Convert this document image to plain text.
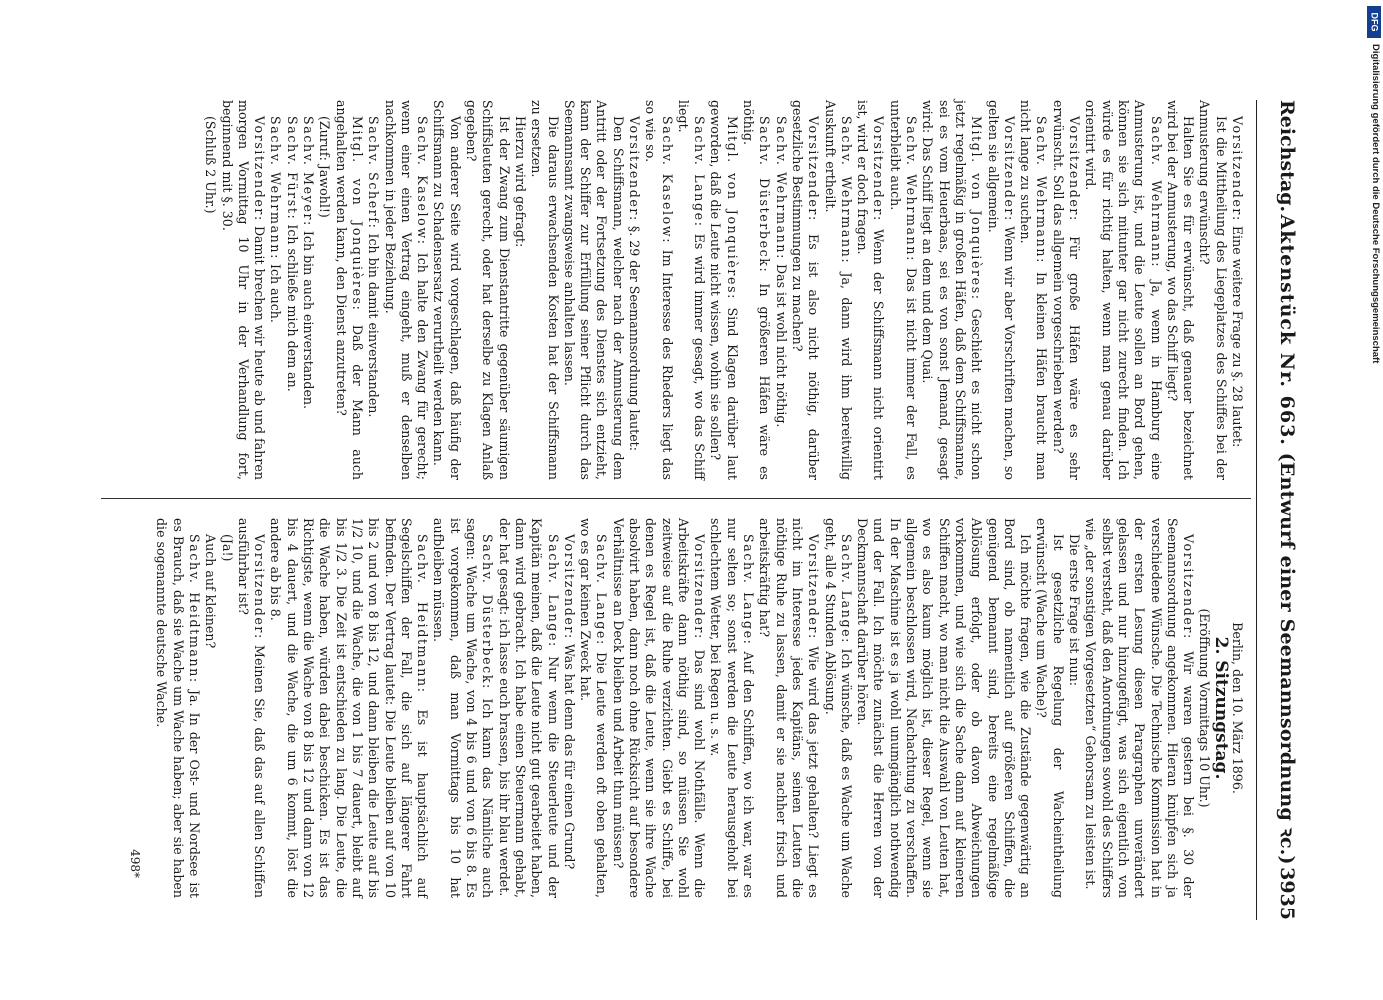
DFG
Digitalisierung gefördert durch die Deutsche Forschungsgemeinschaft
Reichstag.
Aktenstück Nr. 663. (Entwurf einer Seemannsordnung ꝛc.)
3935

Vorsitzender: Eine weitere Frage zu §. 28 lautet:

Ist die Mittheilung des Liegeplatzes des Schiffes bei der Anmusterung erwünscht?

Halten Sie es für erwünscht, daß genauer bezeichnet wird bei der Anmusterung, wo das Schiff liegt?

Sachv. Wehrmann: Ja, wenn in Hamburg eine Anmusterung ist, und die Leute sollen an Bord gehen, können sie sich mitunter gar nicht zurecht finden. Ich würde es für richtig halten, wenn man genau darüber orientirt wird.

Vorsitzender: Für große Häfen wäre es sehr erwünscht. Soll das allgemein vorgeschrieben werden?

Sachv. Wehrmann: In kleinen Häfen braucht man nicht lange zu suchen.

Vorsitzender: Wenn wir aber Vorschriften machen, so gelten sie allgemein.

Mitgl. von Jonquières: Geschieht es nicht schon jetzt regelmäßig in großen Häfen, daß dem Schiffsmanne, sei es vom Heuerbaas, sei es von sonst Jemand, gesagt wird: Das Schiff liegt an dem und dem Quai.

Sachv. Wehrmann: Das ist nicht immer der Fall, es unterbleibt auch.

Vorsitzender: Wenn der Schiffsmann nicht orientirt ist, wird er doch fragen.

Sachv. Wehrmann: Ja, dann wird ihm bereitwillig Auskunft ertheilt.

Vorsitzender: Es ist also nicht nöthig, darüber gesetzliche Bestimmungen zu machen?

Sachv. Wehrmann: Das ist wohl nicht nöthig.

Sachv. Düsterbeck: In größeren Häfen wäre es nöthig.

Mitgl. von Jonquières: Sind Klagen darüber laut geworden, daß die Leute nicht wissen, wohin sie sollen?

Sachv. Lange: Es wird immer gesagt, wo das Schiff liegt.

Sachv. Kaselow: Im Interesse des Rheders liegt das so wie so.

Vorsitzender: §. 29 der Seemannsordnung lautet:

Den Schiffsmann, welcher nach der Anmusterung dem Antritt oder der Fortsetzung des Dienstes sich entzieht, kann der Schiffer zur Erfüllung seiner Pflicht durch das Seemannsamt zwangsweise anhalten lassen.

Die daraus erwachsenden Kosten hat der Schiffsmann zu ersetzen.

Hierzu wird gefragt:

Ist der Zwang zum Dienstantritte gegenüber säumigen Schiffsleuten gerecht, oder hat derselbe zu Klagen Anlaß gegeben?

Von anderer Seite wird vorgeschlagen, daß häufig der Schiffsmann zu Schadensersatz verurtheilt werden kann.

Sachv. Kaselow: Ich halte den Zwang für gerecht; wenn einer einen Vertrag eingeht, muß er denselben nachkommen in jeder Beziehung.

Sachv. Scherf: Ich bin damit einverstanden.

Mitgl. von Jonquières: Daß der Mann auch angehalten werden kann, den Dienst anzutreten?

(Zuruf: Jawohl!)

Sachv. Meyer: Ich bin auch einverstanden.

Sachv. Fürst: Ich schließe mich dem an.

Sachv. Wehrmann: Ich auch.

Vorsitzender: Damit brechen wir heute ab und fahren morgen Vormittag 10 Uhr in der Verhandlung fort, beginnend mit §. 30.

(Schluß 2 Uhr.)

Berlin, den 10. März 1896.

2. Sitzungstag.

(Eröffnung Vormittags 10 Uhr.)

Vorsitzender: Wir waren gestern bei §. 30 der Seemannsordnung angekommen. Hieran knüpfen sich ja verschiedene Wünsche. Die Technische Kommission hat in der ersten Lesung diesen Paragraphen unverändert gelassen und nur hinzugefügt, was sich eigentlich von selbst versteht, daß den Anordnungen sowohl des Schiffers wie „der sonstigen Vorgesetzten“ Gehorsam zu leisten ist.

Die erste Frage ist nun:

Ist gesetzliche Regelung der Wacheintheilung erwünscht (Wache um Wache)?

Ich möchte fragen, wie die Zustände gegenwärtig an Bord sind, ob namentlich auf größeren Schiffen, die genügend bemannt sind, bereits eine regelmäßige Ablösung erfolgt, oder ob davon Abweichungen vorkommen, und wie sich die Sache dann auf kleineren Schiffen macht, wo man nicht die Auswahl von Leuten hat, wo es also kaum möglich ist, dieser Regel, wenn sie allgemein beschlossen wird, Nachachtung zu verschaffen. In der Maschine ist es ja wohl unumgänglich nothwendig und der Fall. Ich möchte zunächst die Herren von der Deckmannschaft darüber hören.

Sachv. Lange: Ich wünsche, daß es Wache um Wache geht, alle 4 Stunden Ablösung.

Vorsitzender: Wie wird das jetzt gehalten? Liegt es nicht im Interesse jedes Kapitäns, seinen Leuten die nöthige Ruhe zu lassen, damit er sie nachher frisch und arbeitskräftig hat?

Sachv. Lange: Auf den Schiffen, wo ich war, war es nur selten so; sonst werden die Leute herausgeholt bei schlechtem Wetter, bei Regen u. s. w.

Vorsitzender: Das sind wohl Nothfälle. Wenn die Arbeitskräfte dann nöthig sind, so müssen Sie wohl zeitweise auf die Ruhe verzichten. Giebt es Schiffe, bei denen es Regel ist, daß die Leute, wenn sie ihre Wache absolvirt haben, dann noch ohne Rücksicht auf besondere Verhältnisse an Deck bleiben und Arbeit thun müssen?

Sachv. Lange: Die Leute werden oft oben gehalten, wo es gar keinen Zweck hat.

Vorsitzender: Was hat denn das für einen Grund?

Sachv. Lange: Nur wenn die Steuerleute und der Kapitän meinen, daß die Leute nicht gut gearbeitet haben, dann wird gebracht. Ich habe einen Steuermann gehabt, der hat gesagt: ich lasse euch brassen, bis ihr blau werdet.

Sachv. Düsterbeck: Ich kann das Nämliche auch sagen: Wache um Wache, von 4 bis 6 und von 6 bis 8. Es ist vorgekommen, daß man Vormittags bis 10 hat aufbleiben müssen.

Sachv. Heidtmann: Es ist hauptsächlich auf Segelschiffen der Fall, die sich auf längerer Fahrt befinden. Der Vertrag lautet: Die Leute bleiben auf von 10 bis 2 und von 8 bis 12, und dann bleiben die Leute auf bis 1/2 10, und die Wache, die von 1 bis 7 dauert, bleibt auf bis 1/2 3. Die Zeit ist entschieden zu lang. Die Leute, die die Wache haben, würden dabei beschicken. Es ist das Richtigste, wenn die Wache von 8 bis 12 und dann von 12 bis 4 dauert, und die Wache, die um 6 kommt, löst die andere ab bis 8.

Vorsitzender: Meinen Sie, daß das auf allen Schiffen ausführbar ist?

(Ja!)

Auch auf kleinen?

Sachv. Heidtmann: Ja. In der Ost- und Nordsee ist es Brauch, daß sie Wache um Wache haben; aber sie haben die sogenannte deutsche Wache.

498*
